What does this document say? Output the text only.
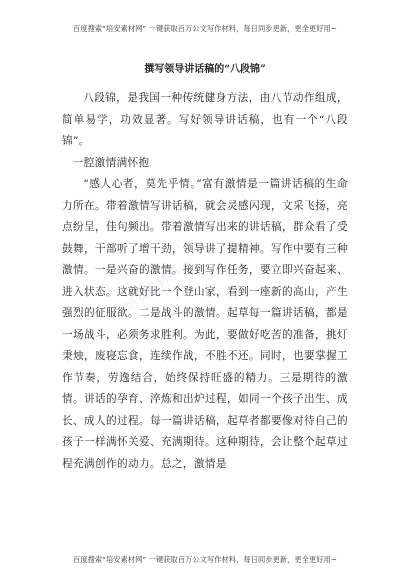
百度搜索“培安素材网” 一键获取百万公文写作材料，每日同步更新，更全更好用~
撰写领导讲话稿的“八段锦”

八段锦，是我国一种传统健身方法，由八节动作组成，简单易学，功效显著。写好领导讲话稿，也有一个“八段锦”。

一腔激情满怀抱

“感人心者，莫先乎情。”富有激情是一篇讲话稿的生命力所在。带着激情写讲话稿，就会灵感闪现，文采飞扬，亮点纷呈，佳句频出。带着激情写出来的讲话稿，群众看了受鼓舞，干部听了增干劲，领导讲了提精神。写作中要有三种激情。一是兴奋的激情。接到写作任务，要立即兴奋起来、进入状态。这就好比一个登山家，看到一座新的高山，产生强烈的征服欲。二是战斗的激情。起草每一篇讲话稿，都是一场战斗，必须务求胜利。为此，要做好吃苦的准备，挑灯秉烛，废寝忘食，连续作战，不胜不还。同时，也要掌握工作节奏，劳逸结合，始终保持旺盛的精力。三是期待的激情。讲话的孕育、淬炼和出炉过程，如同一个孩子出生、成长、成人的过程。每一篇讲话稿，起草者都要像对待自己的孩子一样满怀关爱、充满期待。这种期待，会让整个起草过程充满创作的动力。总之，激情是

培安素材网
百度搜索“培安素材网” 一键获取百万公文写作材料，每日同步更新，更全更好用~
